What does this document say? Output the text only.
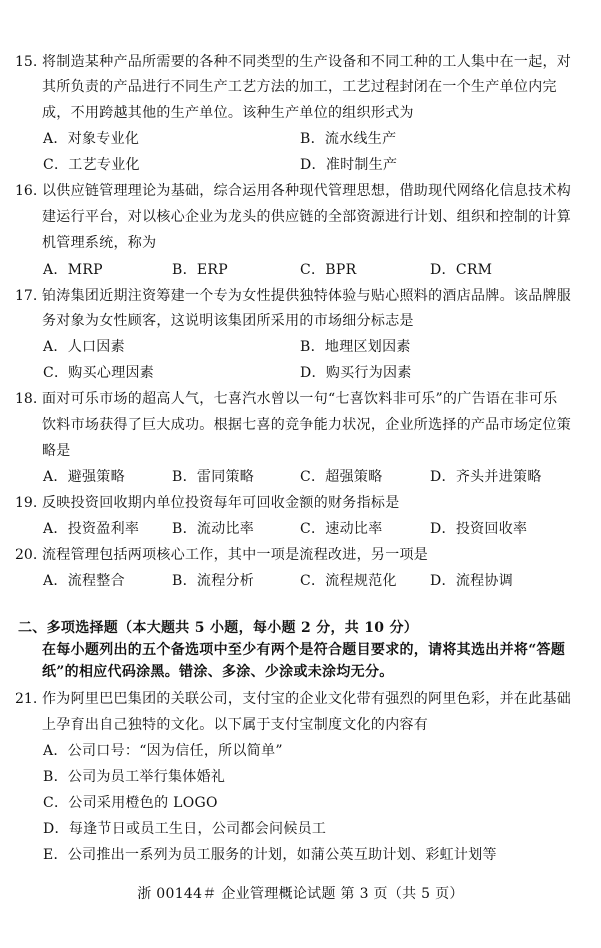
15. 将制造某种产品所需要的各种不同类型的生产设备和不同工种的工人集中在一起，对
其所负责的产品进行不同生产工艺方法的加工，工艺过程封闭在一个生产单位内完
成，不用跨越其他的生产单位。该种生产单位的组织形式为
A．对象专业化	B．流水线生产
C．工艺专业化	D．准时制生产
16. 以供应链管理理论为基础，综合运用各种现代管理思想，借助现代网络化信息技术构
建运行平台，对以核心企业为龙头的供应链的全部资源进行计划、组织和控制的计算
机管理系统，称为
A．MRP	B．ERP	C．BPR	D．CRM
17. 铂涛集团近期注资筹建一个专为女性提供独特体验与贴心照料的酒店品牌。该品牌服
务对象为女性顾客，这说明该集团所采用的市场细分标志是
A．人口因素	B．地理区划因素
C．购买心理因素	D．购买行为因素
18. 面对可乐市场的超高人气，七喜汽水曾以一句“七喜饮料非可乐”的广告语在非可乐
饮料市场获得了巨大成功。根据七喜的竞争能力状况，企业所选择的产品市场定位策
略是
A．避强策略	B．雷同策略	C．超强策略	D．齐头并进策略
19. 反映投资回收期内单位投资每年可回收金额的财务指标是
A．投资盈利率 B．流动比率	C．速动比率	D．投资回收率
20. 流程管理包括两项核心工作，其中一项是流程改进，另一项是
A．流程整合	B．流程分析	C．流程规范化 D．流程协调
二、多项选择题（本大题共 5 小题，每小题 2 分，共 10 分）
在每小题列出的五个备选项中至少有两个是符合题目要求的，请将其选出并将“答题
纸”的相应代码涂黑。错涂、多涂、少涂或未涂均无分。
21. 作为阿里巴巴集团的关联公司，支付宝的企业文化带有强烈的阿里色彩，并在此基础
上孕育出自己独特的文化。以下属于支付宝制度文化的内容有
A．公司口号：“因为信任，所以简单”
B．公司为员工举行集体婚礼
C．公司采用橙色的 LOGO
D．每逢节日或员工生日，公司都会问候员工
E．公司推出一系列为员工服务的计划，如蒲公英互助计划、彩虹计划等
浙 00144＃ 企业管理概论试题 第 3 页（共 5 页）
